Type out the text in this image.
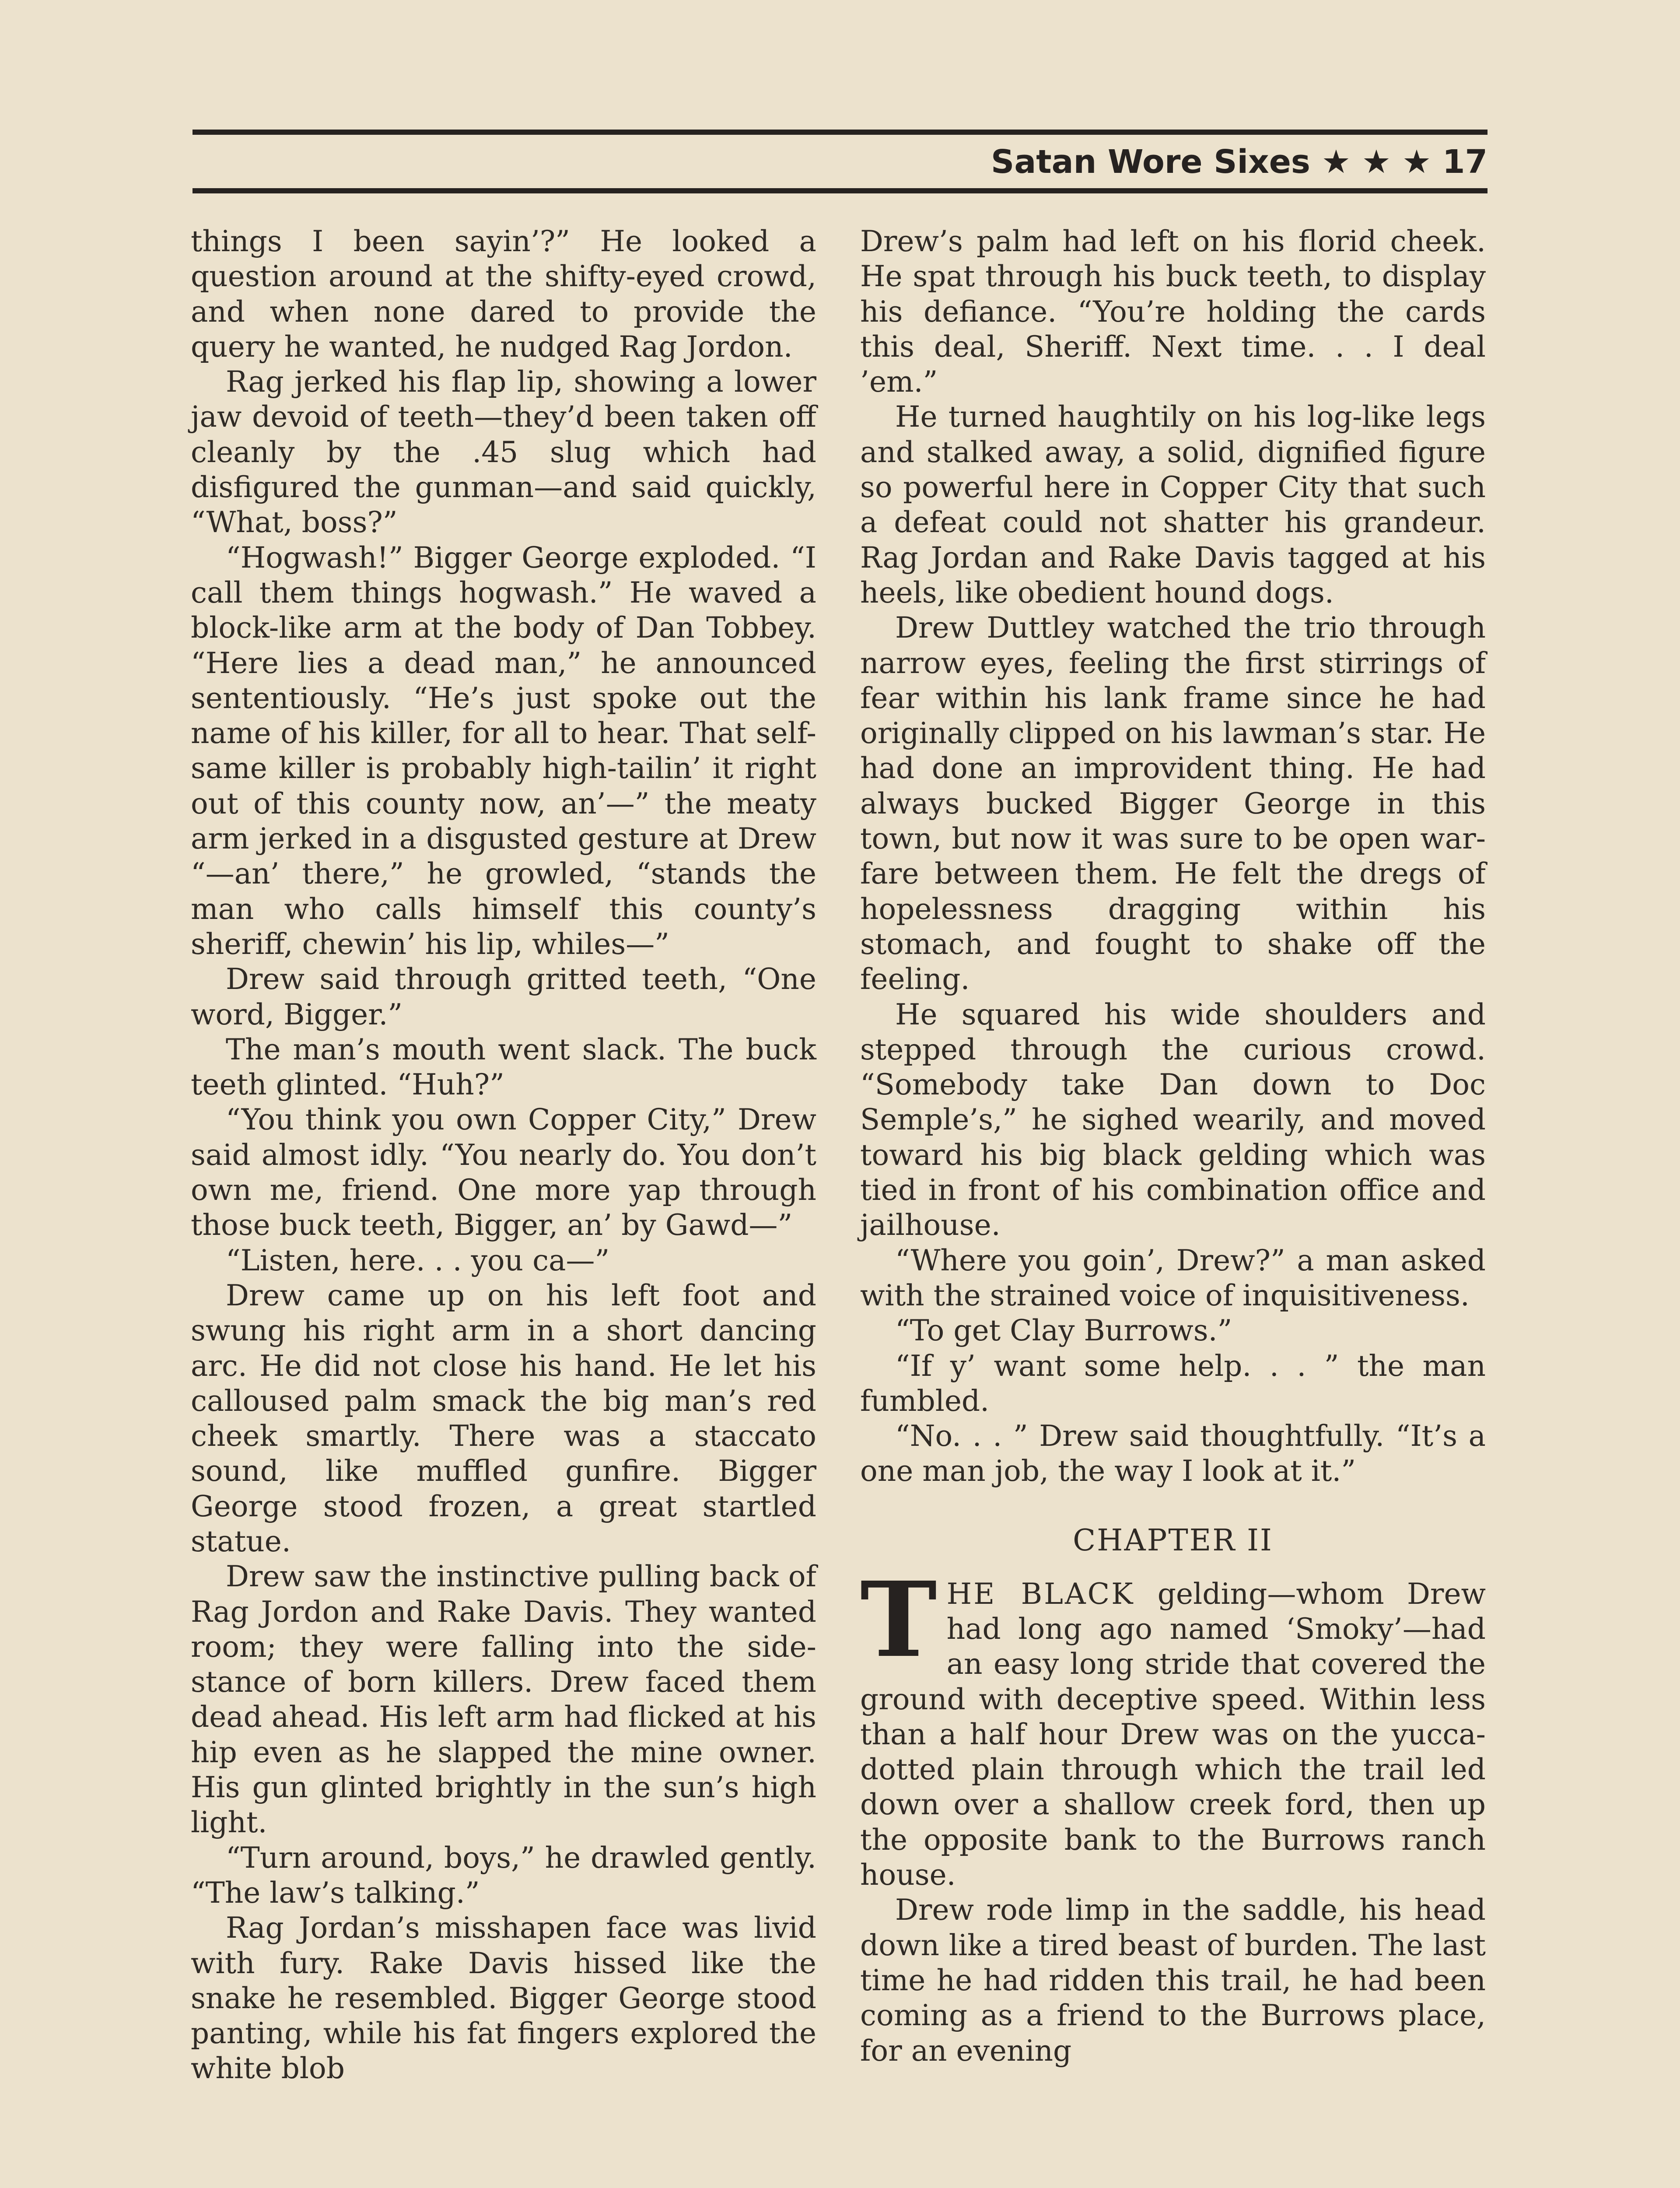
Satan Wore Sixes ★ ★ ★ 17

things I been sayin’?” He looked a question around at the shifty-eyed crowd, and when none dared to provide the query he wanted, he nudged Rag Jordon.

Rag jerked his flap lip, showing a lower jaw devoid of teeth—they’d been taken off cleanly by the .45 slug which had disfigured the gunman—and said quickly, “What, boss?”

“Hogwash!” Bigger George exploded. “I call them things hogwash.” He waved a block-like arm at the body of Dan Tobbey. “Here lies a dead man,” he announced sententiously. “He’s just spoke out the name of his killer, for all to hear. That self-same killer is probably high-tailin’ it right out of this county now, an’—” the meaty arm jerked in a disgusted gesture at Drew “—an’ there,” he growled, “stands the man who calls himself this county’s sheriff, chewin’ his lip, whiles—”

Drew said through gritted teeth, “One word, Bigger.”

The man’s mouth went slack. The buck teeth glinted. “Huh?”

“You think you own Copper City,” Drew said almost idly. “You nearly do. You don’t own me, friend. One more yap through those buck teeth, Bigger, an’ by Gawd—”

“Listen, here. . . you ca—”

Drew came up on his left foot and swung his right arm in a short dancing arc. He did not close his hand. He let his calloused palm smack the big man’s red cheek smartly. There was a staccato sound, like muffled gunfire. Bigger George stood frozen, a great startled statue.

Drew saw the instinctive pulling back of Rag Jordon and Rake Davis. They wanted room; they were falling into the side-stance of born killers. Drew faced them dead ahead. His left arm had flicked at his hip even as he slapped the mine owner. His gun glinted brightly in the sun’s high light.

“Turn around, boys,” he drawled gently. “The law’s talking.”

Rag Jordan’s misshapen face was livid with fury. Rake Davis hissed like the snake he resembled. Bigger George stood panting, while his fat fingers explored the white blob

Drew’s palm had left on his florid cheek. He spat through his buck teeth, to display his defiance. “You’re holding the cards this deal, Sheriff. Next time. . . I deal ’em.”

He turned haughtily on his log-like legs and stalked away, a solid, dignified figure so powerful here in Copper City that such a defeat could not shatter his grandeur. Rag Jordan and Rake Davis tagged at his heels, like obedient hound dogs.

Drew Duttley watched the trio through narrow eyes, feeling the first stirrings of fear within his lank frame since he had originally clipped on his lawman’s star. He had done an improvident thing. He had always bucked Bigger George in this town, but now it was sure to be open warfare between them. He felt the dregs of hopelessness dragging within his stomach, and fought to shake off the feeling.

He squared his wide shoulders and stepped through the curious crowd. “Somebody take Dan down to Doc Semple’s,” he sighed wearily, and moved toward his big black gelding which was tied in front of his combination office and jailhouse.

“Where you goin’, Drew?” a man asked with the strained voice of inquisitiveness.

“To get Clay Burrows.”

“If y’ want some help. . . ” the man fumbled.

“No. . . ” Drew said thoughtfully. “It’s a one man job, the way I look at it.”

CHAPTER II

THE BLACK gelding—whom Drew had long ago named ‘Smoky’—had an easy long stride that covered the ground with deceptive speed. Within less than a half hour Drew was on the yucca-dotted plain through which the trail led down over a shallow creek ford, then up the opposite bank to the Burrows ranch house.

Drew rode limp in the saddle, his head down like a tired beast of burden. The last time he had ridden this trail, he had been coming as a friend to the Burrows place, for an evening
